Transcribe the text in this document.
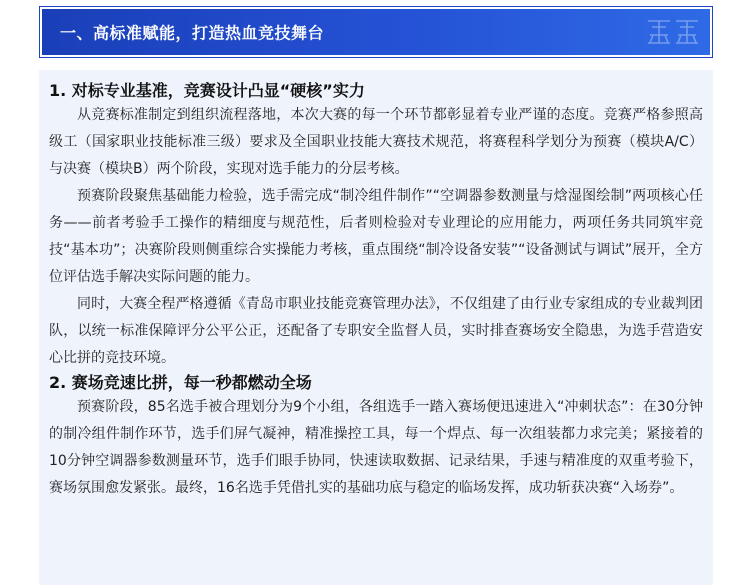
一、高标准赋能，打造热血竞技舞台
1. 对标专业基准，竞赛设计凸显“硬核”实力

从竞赛标准制定到组织流程落地，本次大赛的每一个环节都彰显着专业严谨的态度。竞赛严格参照高级工（国家职业技能标准三级）要求及全国职业技能大赛技术规范，将赛程科学划分为预赛（模块A/C）与决赛（模块B）两个阶段，实现对选手能力的分层考核。

预赛阶段聚焦基础能力检验，选手需完成“制冷组件制作”“空调器参数测量与焓湿图绘制”两项核心任务——前者考验手工操作的精细度与规范性，后者则检验对专业理论的应用能力，两项任务共同筑牢竞技“基本功”；决赛阶段则侧重综合实操能力考核，重点围绕“制冷设备安装”“设备测试与调试”展开，全方位评估选手解决实际问题的能力。

同时，大赛全程严格遵循《青岛市职业技能竞赛管理办法》，不仅组建了由行业专家组成的专业裁判团队，以统一标准保障评分公平公正，还配备了专职安全监督人员，实时排查赛场安全隐患，为选手营造安心比拼的竞技环境。

2. 赛场竞速比拼，每一秒都燃动全场

预赛阶段，85名选手被合理划分为9个小组，各组选手一踏入赛场便迅速进入“冲刺状态”：在30分钟的制冷组件制作环节，选手们屏气凝神，精准操控工具，每一个焊点、每一次组装都力求完美；紧接着的10分钟空调器参数测量环节，选手们眼手协同，快速读取数据、记录结果，手速与精准度的双重考验下，赛场氛围愈发紧张。最终，16名选手凭借扎实的基础功底与稳定的临场发挥，成功斩获决赛“入场券”。
